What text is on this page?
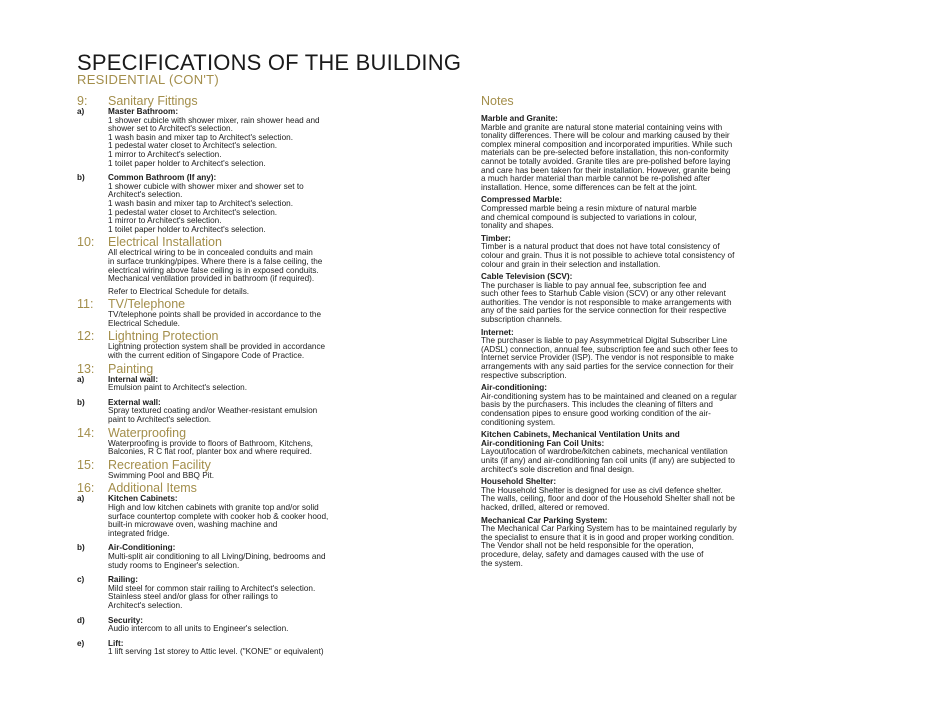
SPECIFICATIONS OF THE BUILDING
RESIDENTIAL (CON'T)
9:	Sanitary Fittings
a)	Master Bathroom:
1 shower cubicle with shower mixer, rain shower head and
shower set to Architect's selection.
1 wash basin and mixer tap to Architect's selection.
1 pedestal water closet to Architect's selection.
1 mirror to Architect's selection.
1 toilet paper holder to Architect's selection.
b)	Common Bathroom (If any):
1 shower cubicle with shower mixer and shower set to
Architect's selection.
1 wash basin and mixer tap to Architect's selection.
1 pedestal water closet to Architect's selection.
1 mirror to Architect's selection.
1 toilet paper holder to Architect's selection.
10:	Electrical Installation
All electrical wiring to be in concealed conduits and main
in surface trunking/pipes. Where there is a false ceiling, the
electrical wiring above false ceiling is in exposed conduits.
Mechanical ventilation provided in bathroom (if required).
Refer to Electrical Schedule for details.
11:	TV/Telephone
TV/telephone points shall be provided in accordance to the
Electrical Schedule.
12:	Lightning Protection
Lightning protection system shall be provided in accordance
with the current edition of Singapore Code of Practice.
13:	Painting
a)	Internal wall:
Emulsion paint to Architect's selection.
b)	External wall:
Spray textured coating and/or Weather-resistant emulsion
paint to Architect's selection.
14:	Waterproofing
Waterproofing is provide to floors of Bathroom, Kitchens,
Balconies, R C flat roof, planter box and where required.
15:	Recreation Facility
Swimming Pool and BBQ Pit.
16:	Additional Items
a)	Kitchen Cabinets:
High and low kitchen cabinets with granite top and/or solid
surface countertop complete with cooker hob & cooker hood,
built-in microwave oven, washing machine and
integrated fridge.
b)	Air-Conditioning:
Multi-split air conditioning to all Living/Dining, bedrooms and
study rooms to Engineer's selection.
c)	Railing:
Mild steel for common stair railing to Architect's selection.
Stainless steel and/or glass for other railings to
Architect's selection.
d)	Security:
Audio intercom to all units to Engineer's selection.
e)	Lift:
1 lift serving 1st storey to Attic level. ("KONE" or equivalent)
Notes
Marble and Granite:
Marble and granite are natural stone material containing veins with
tonality differences. There will be colour and marking caused by their
complex mineral composition and incorporated impurities. While such
materials can be pre-selected before installation, this non-conformity
cannot be totally avoided. Granite tiles are pre-polished before laying
and care has been taken for their installation. However, granite being
a much harder material than marble cannot be re-polished after
installation. Hence, some differences can be felt at the joint.
Compressed Marble:
Compressed marble being a resin mixture of natural marble
and chemical compound is subjected to variations in colour,
tonality and shapes.
Timber:
Timber is a natural product that does not have total consistency of
colour and grain. Thus it is not possible to achieve total consistency of
colour and grain in their selection and installation.
Cable Television (SCV):
The purchaser is liable to pay annual fee, subscription fee and
such other fees to Starhub Cable vision (SCV) or any other relevant
authorities. The vendor is not responsible to make arrangements with
any of the said parties for the service connection for their respective
subscription channels.
Internet:
The purchaser is liable to pay Assymmetrical Digital Subscriber Line
(ADSL) connection, annual fee, subscription fee and such other fees to
Internet service Provider (ISP). The vendor is not responsible to make
arrangements with any said parties for the service connection for their
respective subscription.
Air-conditioning:
Air-conditioning system has to be maintained and cleaned on a regular
basis by the purchasers. This includes the cleaning of filters and
condensation pipes to ensure good working condition of the air-
conditioning system.
Kitchen Cabinets, Mechanical Ventilation Units and
Air-conditioning Fan Coil Units:
Layout/location of wardrobe/kitchen cabinets, mechanical ventilation
units (if any) and air-conditioning fan coil units (if any) are subjected to
architect's sole discretion and final design.
Household Shelter:
The Household Shelter is designed for use as civil defence shelter.
The walls, ceiling, floor and door of the Household Shelter shall not be
hacked, drilled, altered or removed.
Mechanical Car Parking System:
The Mechanical Car Parking System has to be maintained regularly by
the specialist to ensure that it is in good and proper working condition.
The Vendor shall not be held responsible for the operation,
procedure, delay, safety and damages caused with the use of
the system.
